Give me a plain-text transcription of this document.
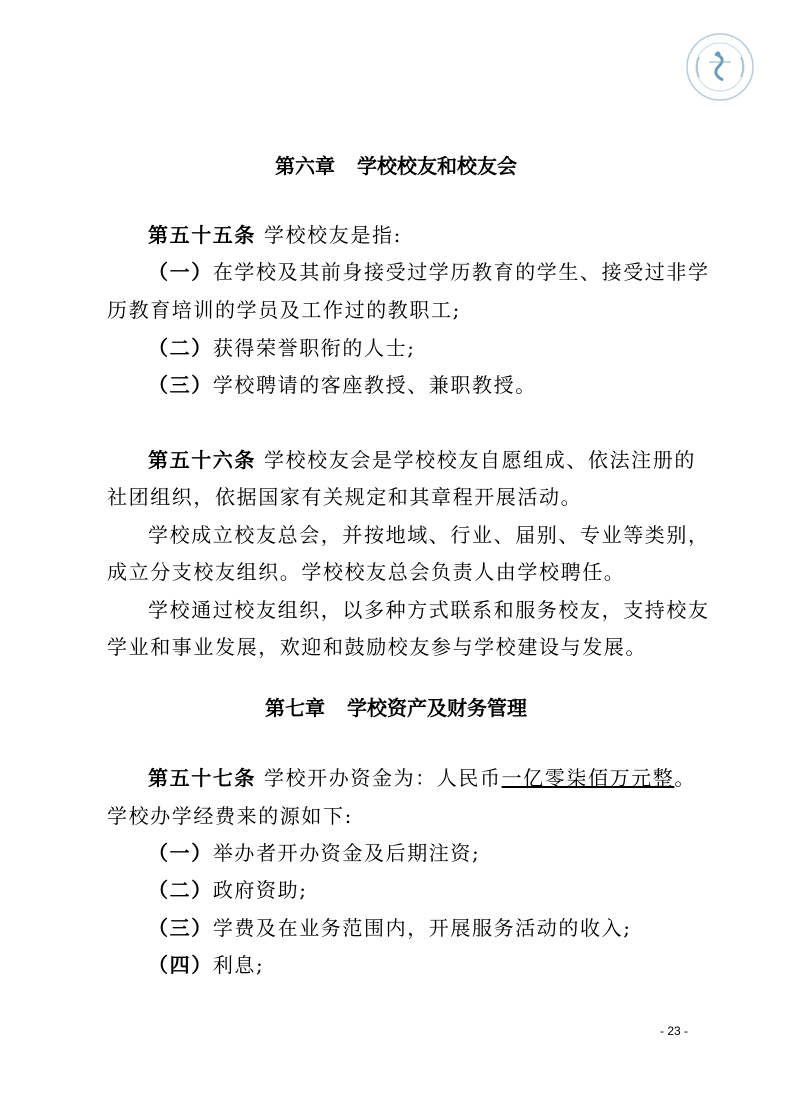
第六章 学校校友和校友会
第五十五条 学校校友是指:
（一）在学校及其前身接受过学历教育的学生、接受过非学
历教育培训的学员及工作过的教职工;
（二）获得荣誉职衔的人士;
（三）学校聘请的客座教授、兼职教授。
第五十六条 学校校友会是学校校友自愿组成、依法注册的
社团组织，依据国家有关规定和其章程开展活动。
学校成立校友总会，并按地域、行业、届别、专业等类别，
成立分支校友组织。学校校友总会负责人由学校聘任。
学校通过校友组织，以多种方式联系和服务校友，支持校友
学业和事业发展，欢迎和鼓励校友参与学校建设与发展。
第七章 学校资产及财务管理
第五十七条 学校开办资金为：人民币一亿零柒佰万元整。
学校办学经费来的源如下:
（一）举办者开办资金及后期注资;
（二）政府资助;
（三）学费及在业务范围内，开展服务活动的收入;
（四）利息;
- 23 -
